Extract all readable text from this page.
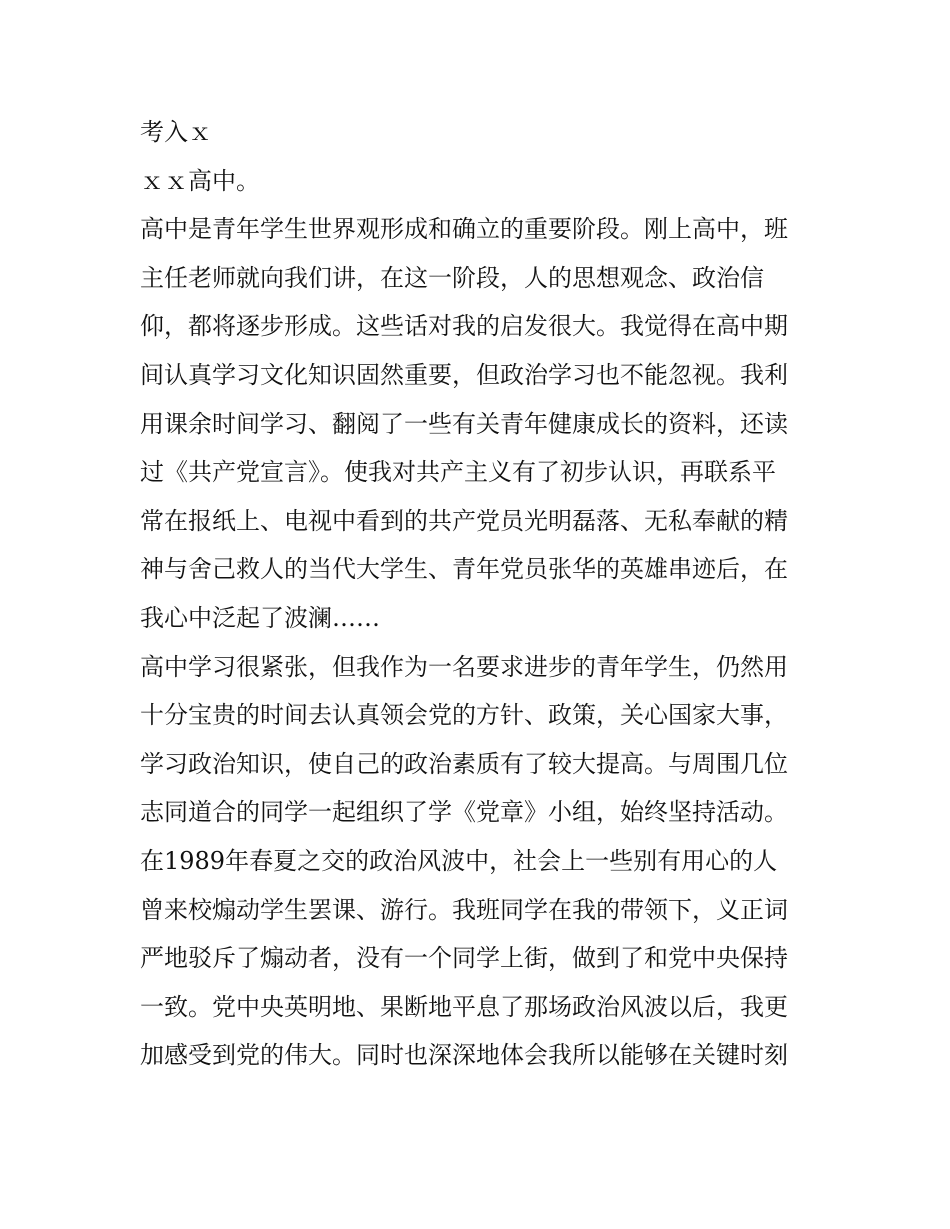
考入ｘ
ｘｘ高中。
高中是青年学生世界观形成和确立的重要阶段。刚上高中，班
主任老师就向我们讲，在这一阶段，人的思想观念、政治信
仰，都将逐步形成。这些话对我的启发很大。我觉得在高中期
间认真学习文化知识固然重要，但政治学习也不能忽视。我利
用课余时间学习、翻阅了一些有关青年健康成长的资料，还读
过《共产党宣言》。使我对共产主义有了初步认识，再联系平
常在报纸上、电视中看到的共产党员光明磊落、无私奉献的精
神与舍己救人的当代大学生、青年党员张华的英雄串迹后，在
我心中泛起了波澜……
高中学习很紧张，但我作为一名要求进步的青年学生，仍然用
十分宝贵的时间去认真领会党的方针、政策，关心国家大事，
学习政治知识，使自己的政治素质有了较大提高。与周围几位
志同道合的同学一起组织了学《党章》小组，始终坚持活动。
在1989年春夏之交的政治风波中，社会上一些别有用心的人
曾来校煽动学生罢课、游行。我班同学在我的带领下，义正词
严地驳斥了煽动者，没有一个同学上街，做到了和党中央保持
一致。党中央英明地、果断地平息了那场政治风波以后，我更
加感受到党的伟大。同时也深深地体会我所以能够在关键时刻
